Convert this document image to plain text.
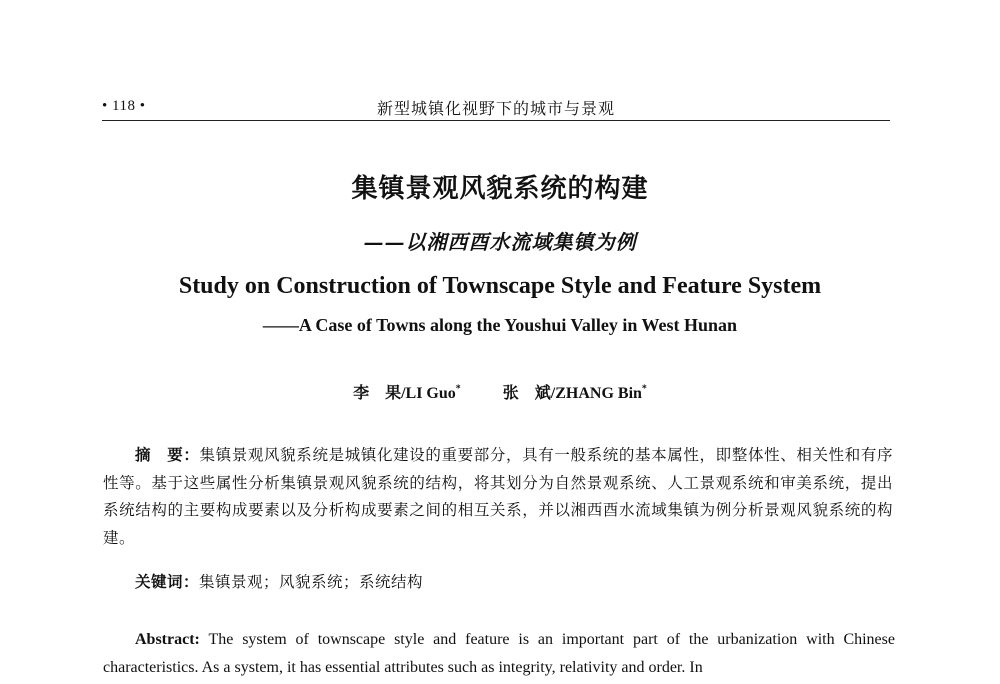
• 118 •	新型城镇化视野下的城市与景观
集镇景观风貌系统的构建
——以湘西酉水流域集镇为例
Study on Construction of Townscape Style and Feature System
——A Case of Towns along the Youshui Valley in West Hunan
李　果/LI Guo*	张　斌/ZHANG Bin*
摘　要：集镇景观风貌系统是城镇化建设的重要部分，具有一般系统的基本属性，即整体性、相关性和有序性等。基于这些属性分析集镇景观风貌系统的结构，将其划分为自然景观系统、人工景观系统和审美系统，提出系统结构的主要构成要素以及分析构成要素之间的相互关系，并以湘西酉水流域集镇为例分析景观风貌系统的构建。
关键词：集镇景观；风貌系统；系统结构
Abstract: The system of townscape style and feature is an important part of the urbanization with Chinese characteristics. As a system, it has essential attributes such as integrity, relativity and order. In
